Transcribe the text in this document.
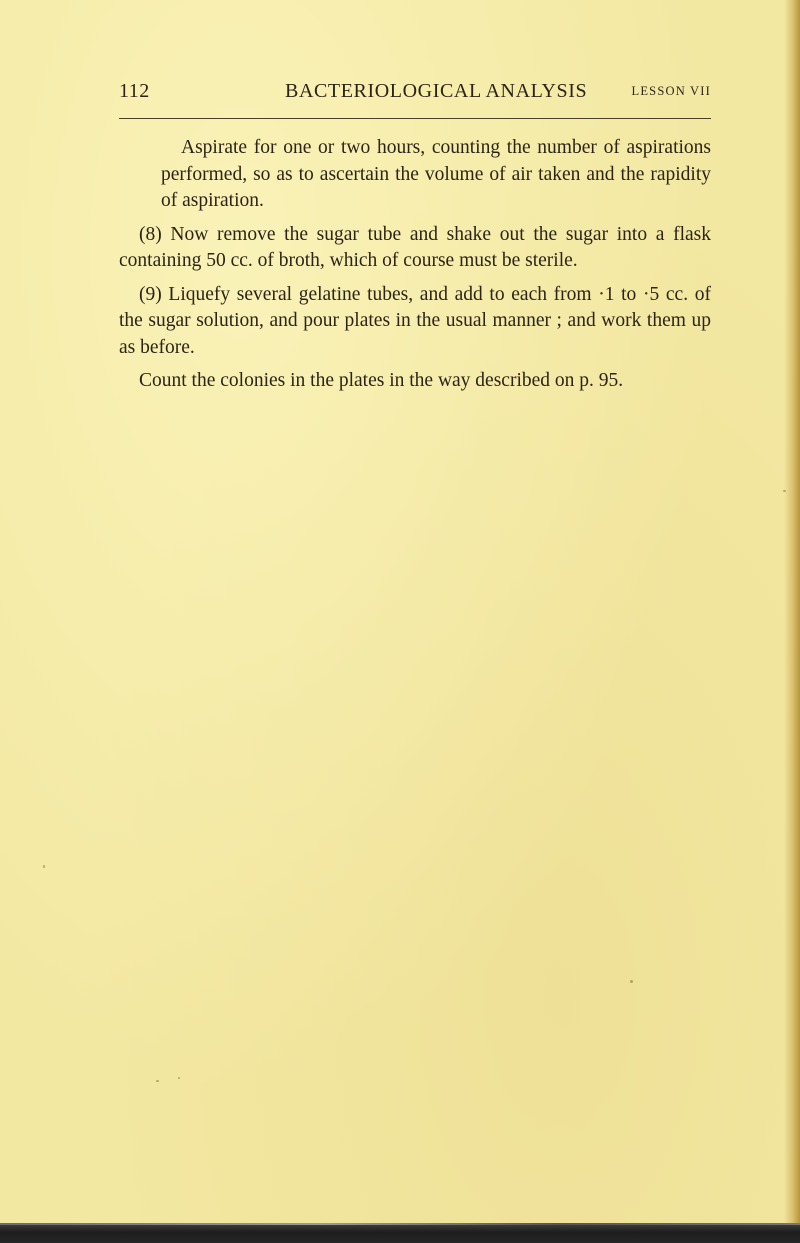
112	BACTERIOLOGICAL ANALYSIS	LESSON VII

Aspirate for one or two hours, counting the number of aspirations performed, so as to ascertain the volume of air taken and the rapidity of aspiration.

(8) Now remove the sugar tube and shake out the sugar into a flask containing 50 cc. of broth, which of course must be sterile.

(9) Liquefy several gelatine tubes, and add to each from ·1 to ·5 cc. of the sugar solution, and pour plates in the usual manner ; and work them up as before.

Count the colonies in the plates in the way described on p. 95.
